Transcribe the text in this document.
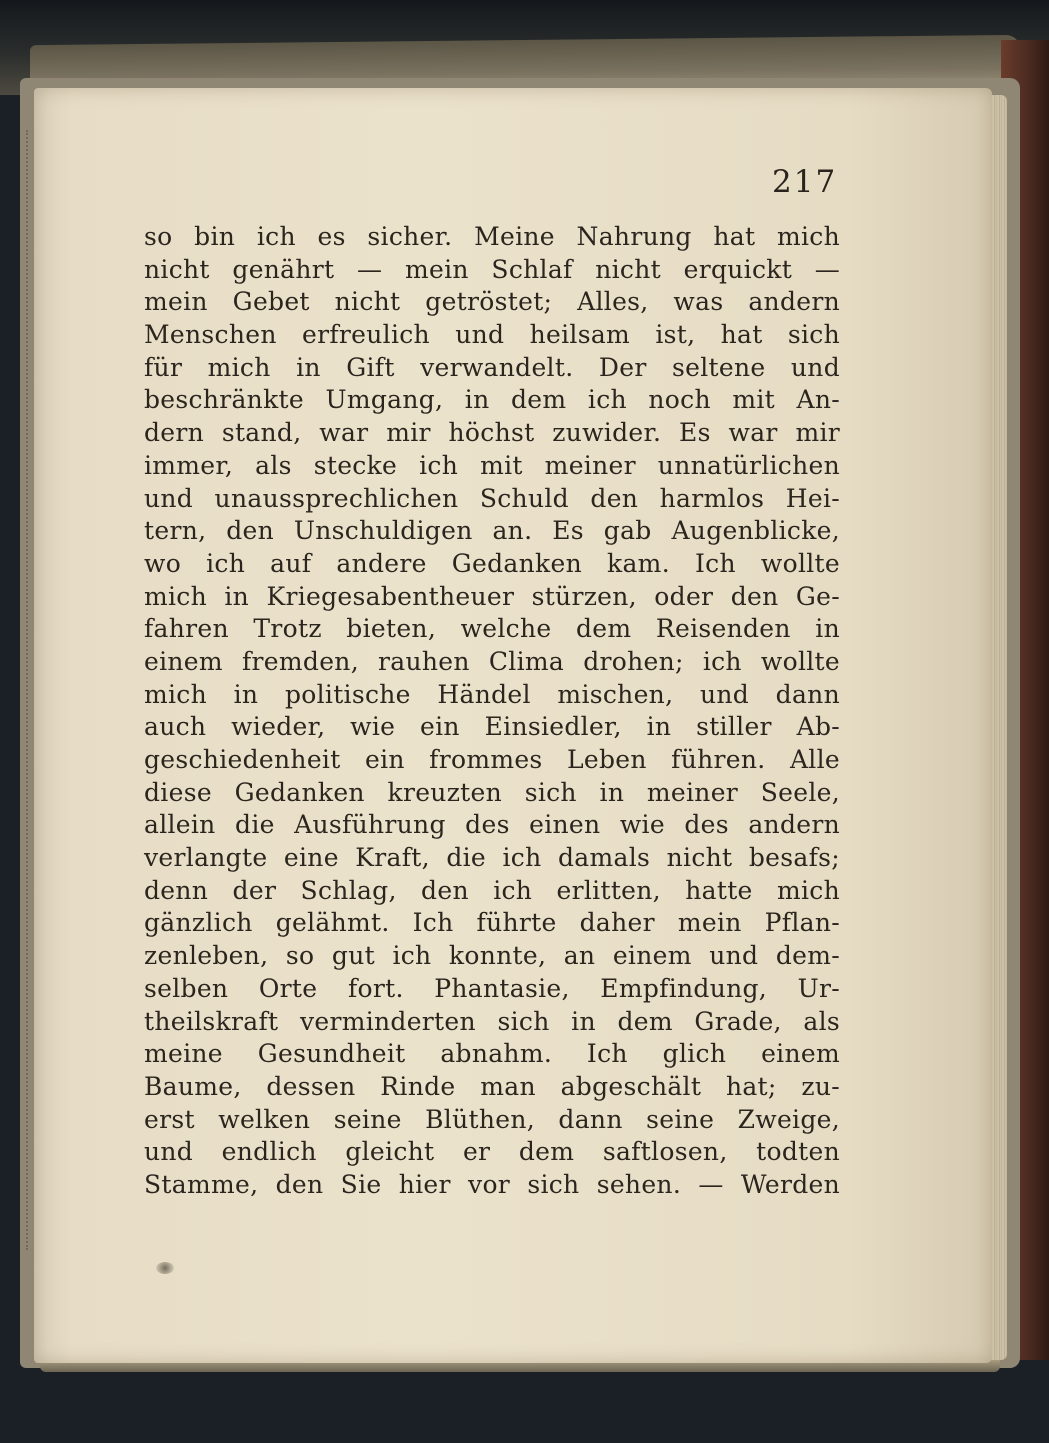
217
so bin ich es sicher. Meine Nahrung hat mich
nicht genährt — mein Schlaf nicht erquickt —
mein Gebet nicht getröstet; Alles, was andern
Menschen erfreulich und heilsam ist, hat sich
für mich in Gift verwandelt. Der seltene und
beschränkte Umgang, in dem ich noch mit An-
dern stand, war mir höchst zuwider. Es war mir
immer, als stecke ich mit meiner unnatürlichen
und unaussprechlichen Schuld den harmlos Hei-
tern, den Unschuldigen an. Es gab Augenblicke,
wo ich auf andere Gedanken kam. Ich wollte
mich in Kriegesabentheuer stürzen, oder den Ge-
fahren Trotz bieten, welche dem Reisenden in
einem fremden, rauhen Clima drohen; ich wollte
mich in politische Händel mischen, und dann
auch wieder, wie ein Einsiedler, in stiller Ab-
geschiedenheit ein frommes Leben führen. Alle
diese Gedanken kreuzten sich in meiner Seele,
allein die Ausführung des einen wie des andern
verlangte eine Kraft, die ich damals nicht besafs;
denn der Schlag, den ich erlitten, hatte mich
gänzlich gelähmt. Ich führte daher mein Pflan-
zenleben, so gut ich konnte, an einem und dem-
selben Orte fort. Phantasie, Empfindung, Ur-
theilskraft verminderten sich in dem Grade, als
meine Gesundheit abnahm. Ich glich einem
Baume, dessen Rinde man abgeschält hat; zu-
erst welken seine Blüthen, dann seine Zweige,
und endlich gleicht er dem saftlosen, todten
Stamme, den Sie hier vor sich sehen. — Werden
